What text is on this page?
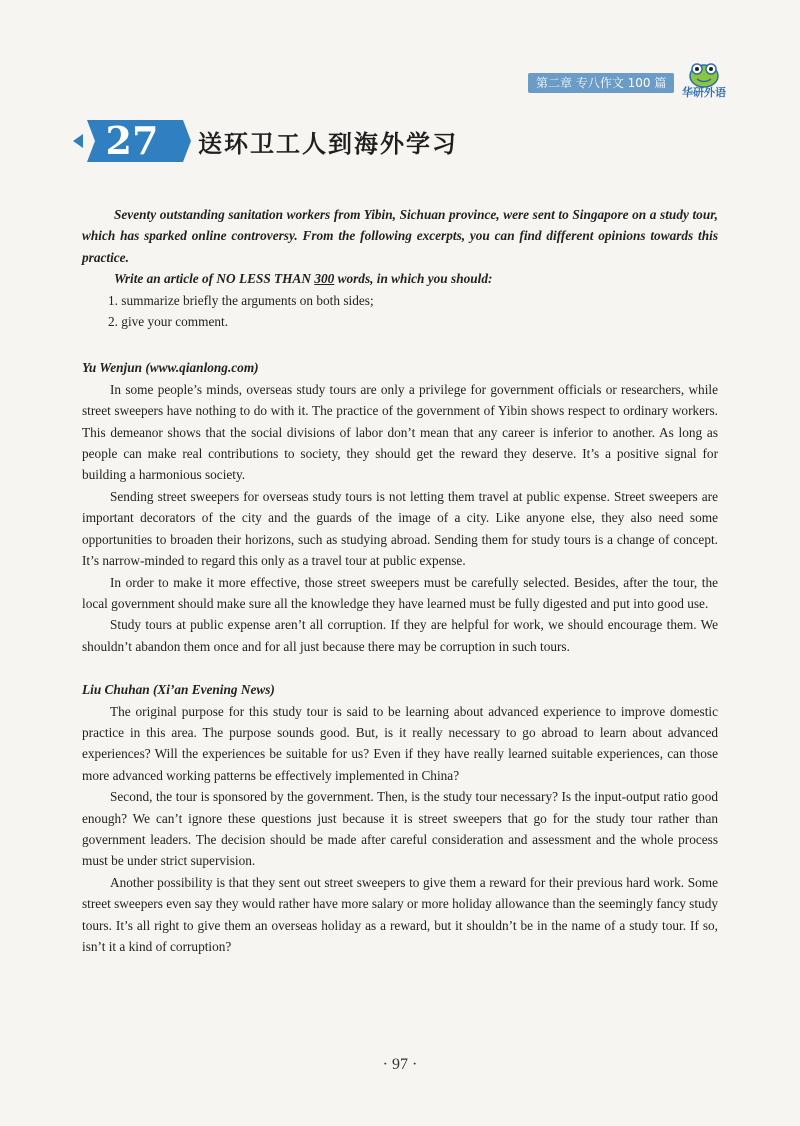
第二章 专八作文 100 篇
华研外语
27 送环卫工人到海外学习

Seventy outstanding sanitation workers from Yibin, Sichuan province, were sent to Singapore on a study tour, which has sparked online controversy. From the following excerpts, you can find different opinions towards this practice.

Write an article of NO LESS THAN 300 words, in which you should:

1. summarize briefly the arguments on both sides;

2. give your comment.

Yu Wenjun (www.qianlong.com)

In some people’s minds, overseas study tours are only a privilege for government officials or researchers, while street sweepers have nothing to do with it. The practice of the government of Yibin shows respect to ordinary workers. This demeanor shows that the social divisions of labor don’t mean that any career is inferior to another. As long as people can make real contributions to society, they should get the reward they deserve. It’s a positive signal for building a harmonious society.

Sending street sweepers for overseas study tours is not letting them travel at public expense. Street sweepers are important decorators of the city and the guards of the image of a city. Like anyone else, they also need some opportunities to broaden their horizons, such as studying abroad. Sending them for study tours is a change of concept. It’s narrow-minded to regard this only as a travel tour at public expense.

In order to make it more effective, those street sweepers must be carefully selected. Besides, after the tour, the local government should make sure all the knowledge they have learned must be fully digested and put into good use.

Study tours at public expense aren’t all corruption. If they are helpful for work, we should encourage them. We shouldn’t abandon them once and for all just because there may be corruption in such tours.

Liu Chuhan (Xi’an Evening News)

The original purpose for this study tour is said to be learning about advanced experience to improve domestic practice in this area. The purpose sounds good. But, is it really necessary to go abroad to learn about advanced experiences? Will the experiences be suitable for us? Even if they have really learned suitable experiences, can those more advanced working patterns be effectively implemented in China?

Second, the tour is sponsored by the government. Then, is the study tour necessary? Is the input-output ratio good enough? We can’t ignore these questions just because it is street sweepers that go for the study tour rather than government leaders. The decision should be made after careful consideration and assessment and the whole process must be under strict supervision.

Another possibility is that they sent out street sweepers to give them a reward for their previous hard work. Some street sweepers even say they would rather have more salary or more holiday allowance than the seemingly fancy study tours. It’s all right to give them an overseas holiday as a reward, but it shouldn’t be in the name of a study tour. If so, isn’t it a kind of corruption?

· 97 ·
